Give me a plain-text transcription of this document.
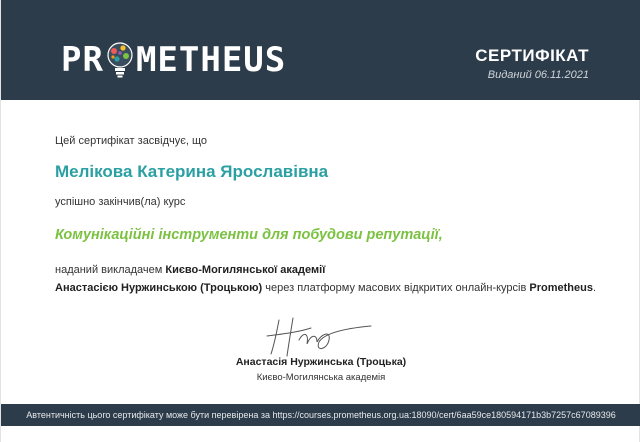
PR METHEUS	СЕРТИФІКАТ
Виданий 06.11.2021
Цей сертифікат засвідчує, що
Мелікова Катерина Ярославівна
успішно закінчив(ла) курс
Комунікаційні інструменти для побудови репутації,
наданий викладачем Києво-Могилянської академії
Анастасією Нуржинською (Троцькою) через платформу масових відкритих онлайн-курсів Prometheus.
Анастасія Нуржинська (Троцька)
Києво-Могилянська академія
Автентичність цього сертифікату може бути перевірена за https://courses.prometheus.org.ua:18090/cert/6aa59ce180594171b3b7257c67089396
